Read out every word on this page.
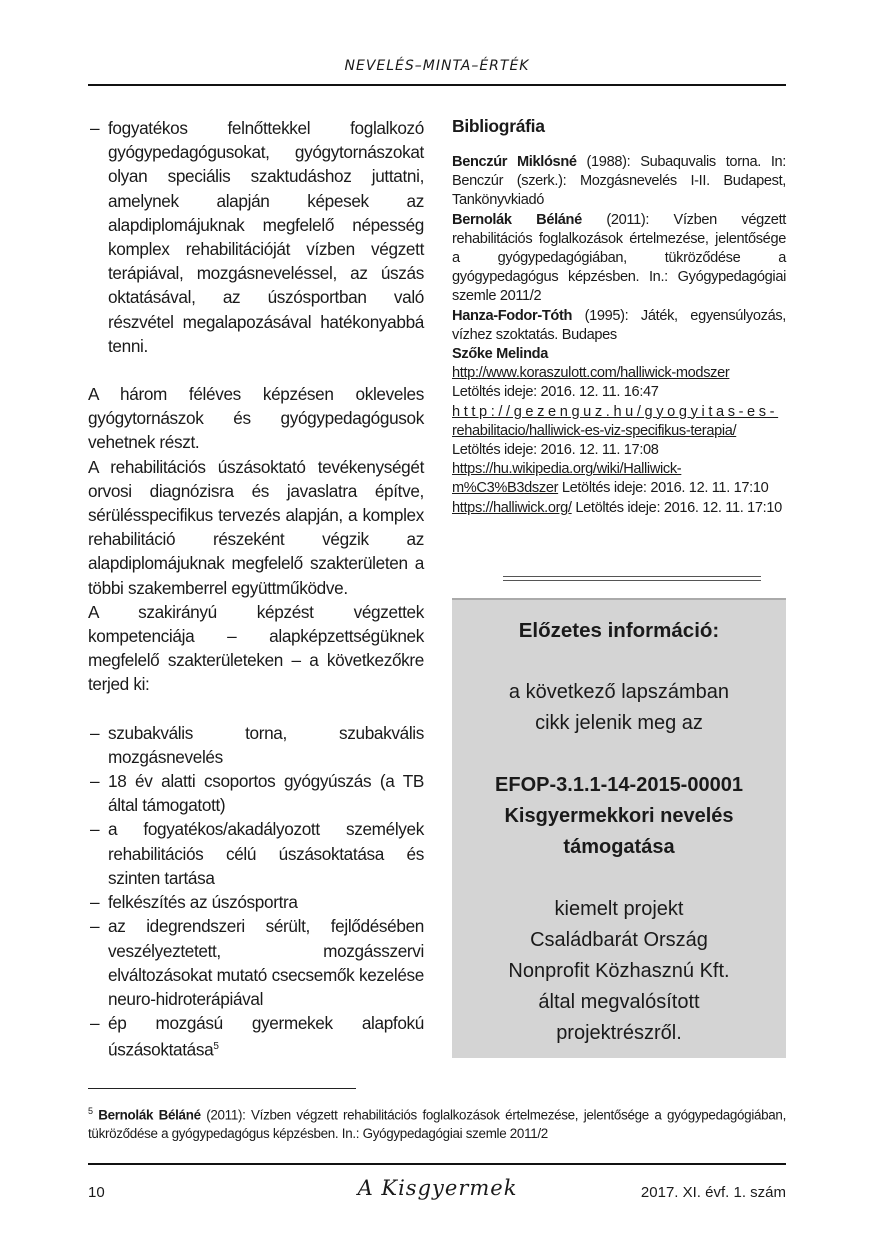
NEVELÉS–MINTA–ÉRTÉK

– fogyatékos felnőttekkel foglalkozó gyógypedagógusokat, gyógytornászokat olyan speciális szaktudáshoz juttatni, amelynek alapján képesek az alapdiplomájuknak megfelelő népesség komplex rehabilitációját vízben végzett terápiával, mozgásneveléssel, az úszás oktatásával, az úszósportban való részvétel megalapozásával hatékonyabbá tenni.

A három féléves képzésen okleveles gyógytornászok és gyógypedagógusok vehetnek részt.

A rehabilitációs úszásoktató tevékenységét orvosi diagnózisra és javaslatra építve, sérülésspecifikus tervezés alapján, a komplex rehabilitáció részeként végzik az alapdiplomájuknak megfelelő szakterületen a többi szakemberrel együttműködve.

A szakirányú képzést végzettek kompetenciája – alapképzettségüknek megfelelő szakterületeken – a következőkre terjed ki:

– szubakvális torna, szubakvális mozgásnevelés

– 18 év alatti csoportos gyógyúszás (a TB által támogatott)

– a fogyatékos/akadályozott személyek rehabilitációs célú úszásoktatása és szinten tartása

– felkészítés az úszósportra

– az idegrendszeri sérült, fejlődésében veszélyeztetett, mozgásszervi elváltozásokat mutató csecsemők kezelése neuro-hidroterápiával

– ép mozgású gyermekek alapfokú úszásoktatása$^5$

Bibliográfia

Benczúr Miklósné (1988): Subaquvalis torna. In: Benczúr (szerk.): Mozgásnevelés I-II. Budapest, Tankönyvkiadó

Bernolák Béláné (2011): Vízben végzett rehabilitációs foglalkozások értelmezése, jelentősége a gyógypedagógiában, tükröződése a gyógypedagógus képzésben. In.: Gyógypedagógiai szemle 2011/2

Hanza-Fodor-Tóth (1995): Játék, egyensúlyozás, vízhez szoktatás. Budapes

Szőke Melinda

http://www.koraszulott.com/halliwick-modszer

Letöltés ideje: 2016. 12. 11. 16:47

http://gezenguz.hu/gyogyitas-es-

rehabilitacio/halliwick-es-viz-specifikus-terapia/

Letöltés ideje: 2016. 12. 11. 17:08

https://hu.wikipedia.org/wiki/Halliwick-

m%C3%B3dszer Letöltés ideje: 2016. 12. 11. 17:10

https://halliwick.org/ Letöltés ideje: 2016. 12. 11. 17:10

Előzetes információ:

a következő lapszámban

cikk jelenik meg az

EFOP-3.1.1-14-2015-00001

Kisgyermekkori nevelés

támogatása

kiemelt projekt

Családbarát Ország

Nonprofit Közhasznú Kft.

által megvalósított

projektrészről.

$^5$ Bernolák Béláné (2011): Vízben végzett rehabilitációs foglalkozások értelmezése, jelentősége a gyógypedagógiában, tükröződése a gyógypedagógus képzésben. In.: Gyógypedagógiai szemle 2011/2
10	A Kisgyermek	2017. XI. évf. 1. szám
